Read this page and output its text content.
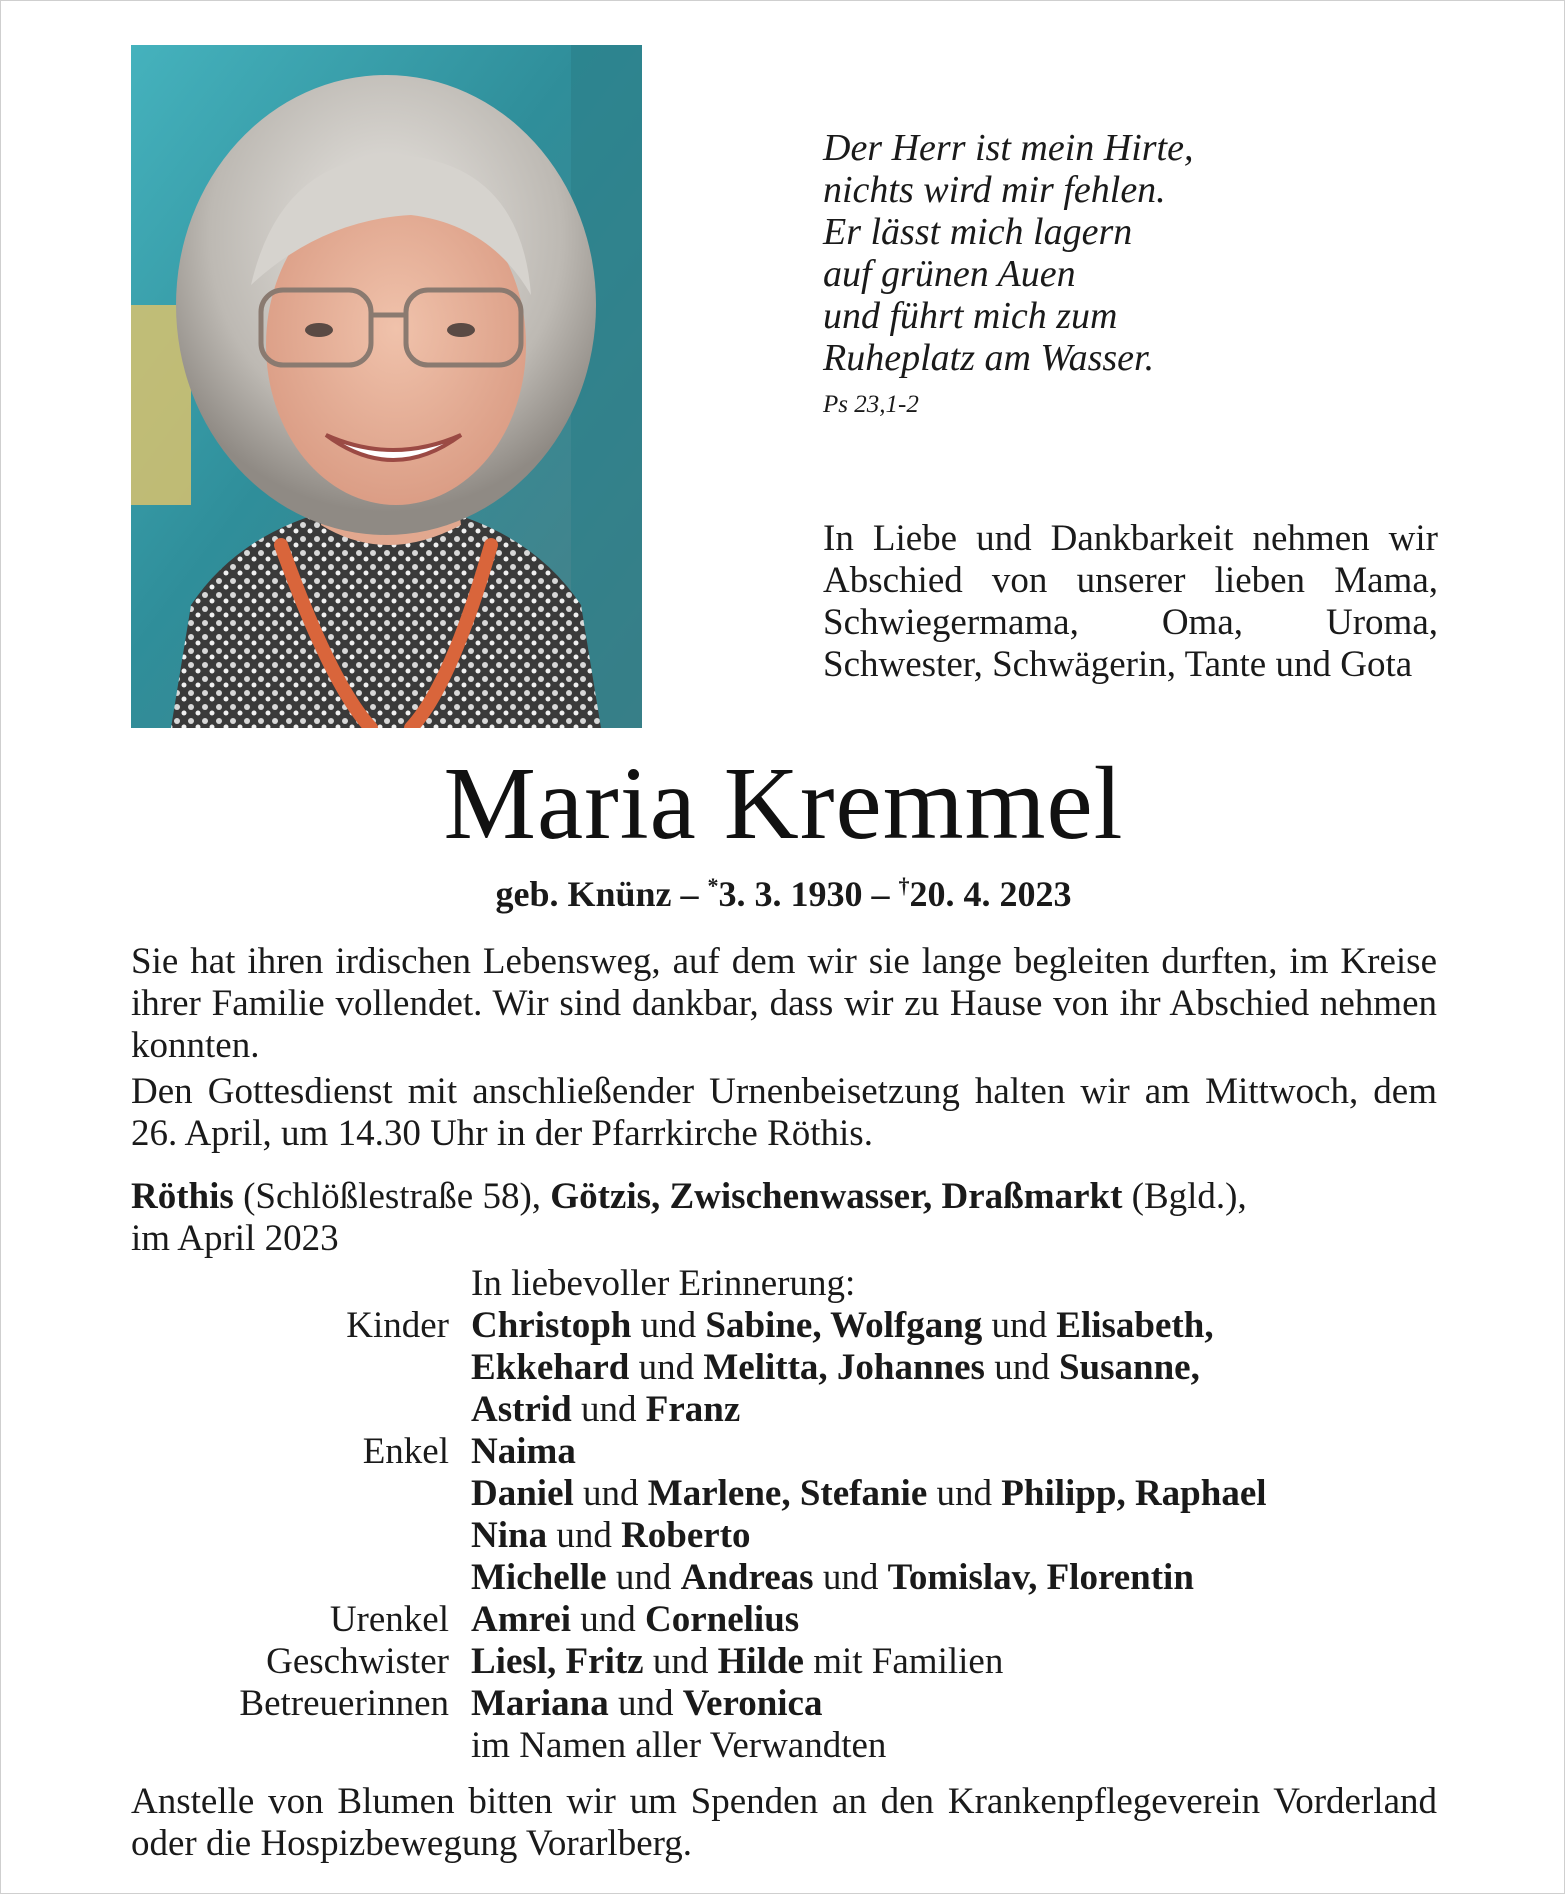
Der Herr ist mein Hirte,
nichts wird mir fehlen.
Er lässt mich lagern
auf grünen Auen
und führt mich zum
Ruheplatz am Wasser.
Ps 23,1-2
In Liebe und Dankbarkeit nehmen wir Abschied von unserer lieben Mama, Schwiegermama, Oma, Uroma, Schwester, Schwägerin, Tante und Gota
Maria Kremmel
geb. Knünz – *3. 3. 1930 – †20. 4. 2023
Sie hat ihren irdischen Lebensweg, auf dem wir sie lange begleiten durften, im Kreise ihrer Familie vollendet. Wir sind dankbar, dass wir zu Hause von ihr Abschied nehmen konnten.
Den Gottesdienst mit anschließender Urnenbeisetzung halten wir am Mittwoch, dem 26. April, um 14.30 Uhr in der Pfarrkirche Röthis.
Röthis (Schlößlestraße 58), Götzis, Zwischenwasser, Draßmarkt (Bgld.),
im April 2023
In liebevoller Erinnerung:
Kinder Christoph und Sabine, Wolfgang und Elisabeth,
Ekkehard und Melitta, Johannes und Susanne,
Astrid und Franz
Enkel Naima
Daniel und Marlene, Stefanie und Philipp, Raphael
Nina und Roberto
Michelle und Andreas und Tomislav, Florentin
Urenkel Amrei und Cornelius
Geschwister Liesl, Fritz und Hilde mit Familien
Betreuerinnen Mariana und Veronica
im Namen aller Verwandten
Anstelle von Blumen bitten wir um Spenden an den Krankenpflegeverein Vorderland oder die Hospizbewegung Vorarlberg.
